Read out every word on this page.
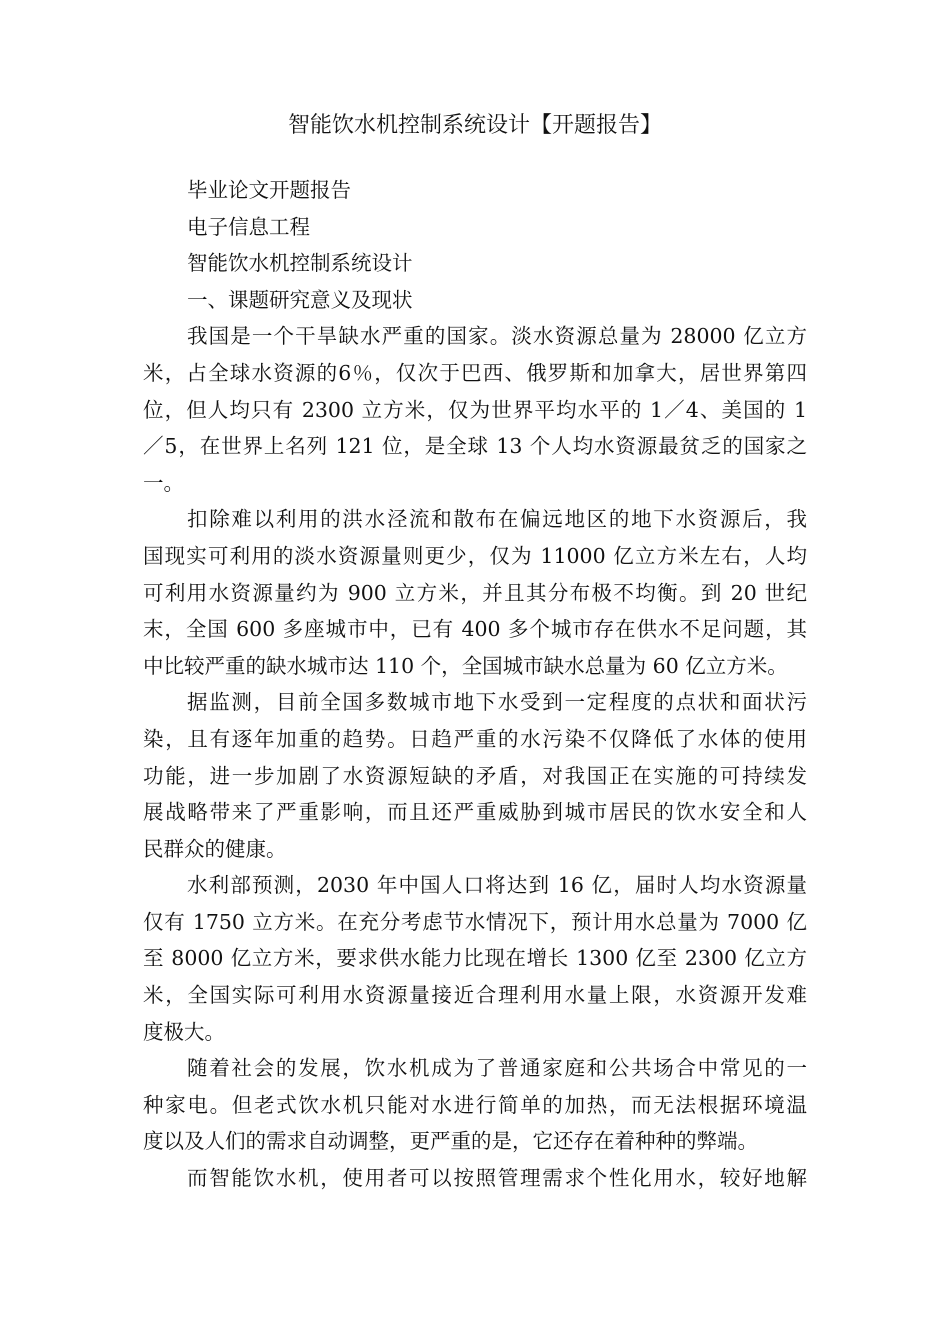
智能饮水机控制系统设计【开题报告】
毕业论文开题报告
电子信息工程
智能饮水机控制系统设计
一、课题研究意义及现状
我国是一个干旱缺水严重的国家。淡水资源总量为 28000 亿立方
米，占全球水资源的6％，仅次于巴西、俄罗斯和加拿大，居世界第四
位，但人均只有 2300 立方米，仅为世界平均水平的 1／4、美国的 1
／5，在世界上名列 121 位，是全球 13 个人均水资源最贫乏的国家之
一。
扣除难以利用的洪水泾流和散布在偏远地区的地下水资源后，我
国现实可利用的淡水资源量则更少，仅为 11000 亿立方米左右，人均
可利用水资源量约为 900 立方米，并且其分布极不均衡。到 20 世纪
末，全国 600 多座城市中，已有 400 多个城市存在供水不足问题，其
中比较严重的缺水城市达 110 个，全国城市缺水总量为 60 亿立方米。
据监测，目前全国多数城市地下水受到一定程度的点状和面状污
染，且有逐年加重的趋势。日趋严重的水污染不仅降低了水体的使用
功能，进一步加剧了水资源短缺的矛盾，对我国正在实施的可持续发
展战略带来了严重影响，而且还严重威胁到城市居民的饮水安全和人
民群众的健康。
水利部预测，2030 年中国人口将达到 16 亿，届时人均水资源量
仅有 1750 立方米。在充分考虑节水情况下，预计用水总量为 7000 亿
至 8000 亿立方米，要求供水能力比现在增长 1300 亿至 2300 亿立方
米，全国实际可利用水资源量接近合理利用水量上限，水资源开发难
度极大。
随着社会的发展，饮水机成为了普通家庭和公共场合中常见的一
种家电。但老式饮水机只能对水进行简单的加热，而无法根据环境温
度以及人们的需求自动调整，更严重的是，它还存在着种种的弊端。
而智能饮水机，使用者可以按照管理需求个性化用水，较好地解
